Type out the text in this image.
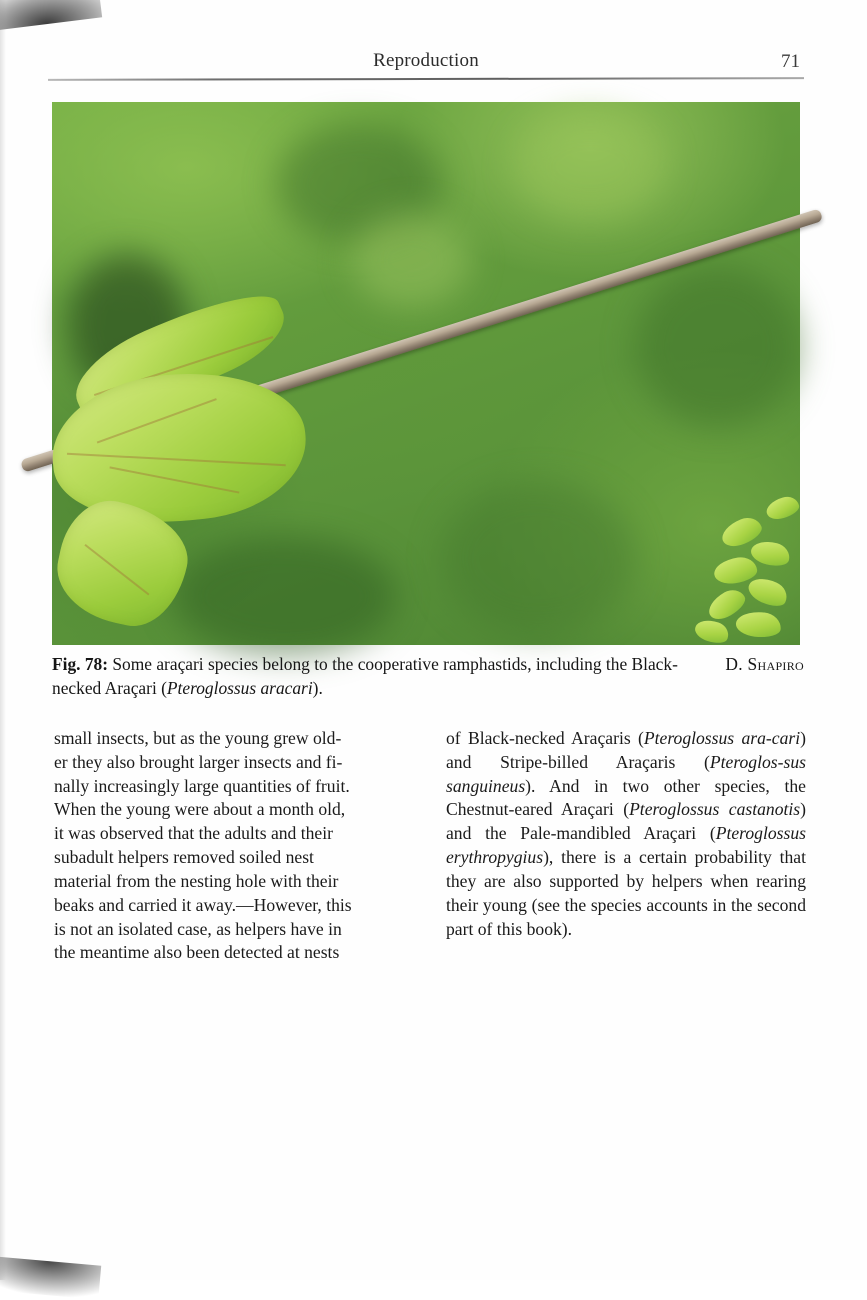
Reproduction	71
D. Shapiro
Fig. 78: Some araçari species belong to the cooperative ramphastids, including the Black-necked Araçari (Pteroglossus aracari).

small insects, but as the young grew old-
er they also brought larger insects and fi-
nally increasingly large quantities of fruit.
When the young were about a month old,
it was observed that the adults and their
subadult helpers removed soiled nest
material from the nesting hole with their
beaks and carried it away.—However, this
is not an isolated case, as helpers have in
the meantime also been detected at nests

of Black-necked Araçaris (Pteroglossus ara-cari) and Stripe-billed Araçaris (Pteroglos-sus sanguineus). And in two other species, the Chestnut-eared Araçari (Pteroglossus castanotis) and the Pale-mandibled Araçari (Pteroglossus erythropygius), there is a certain probability that they are also supported by helpers when rearing their young (see the species accounts in the second part of this book).
